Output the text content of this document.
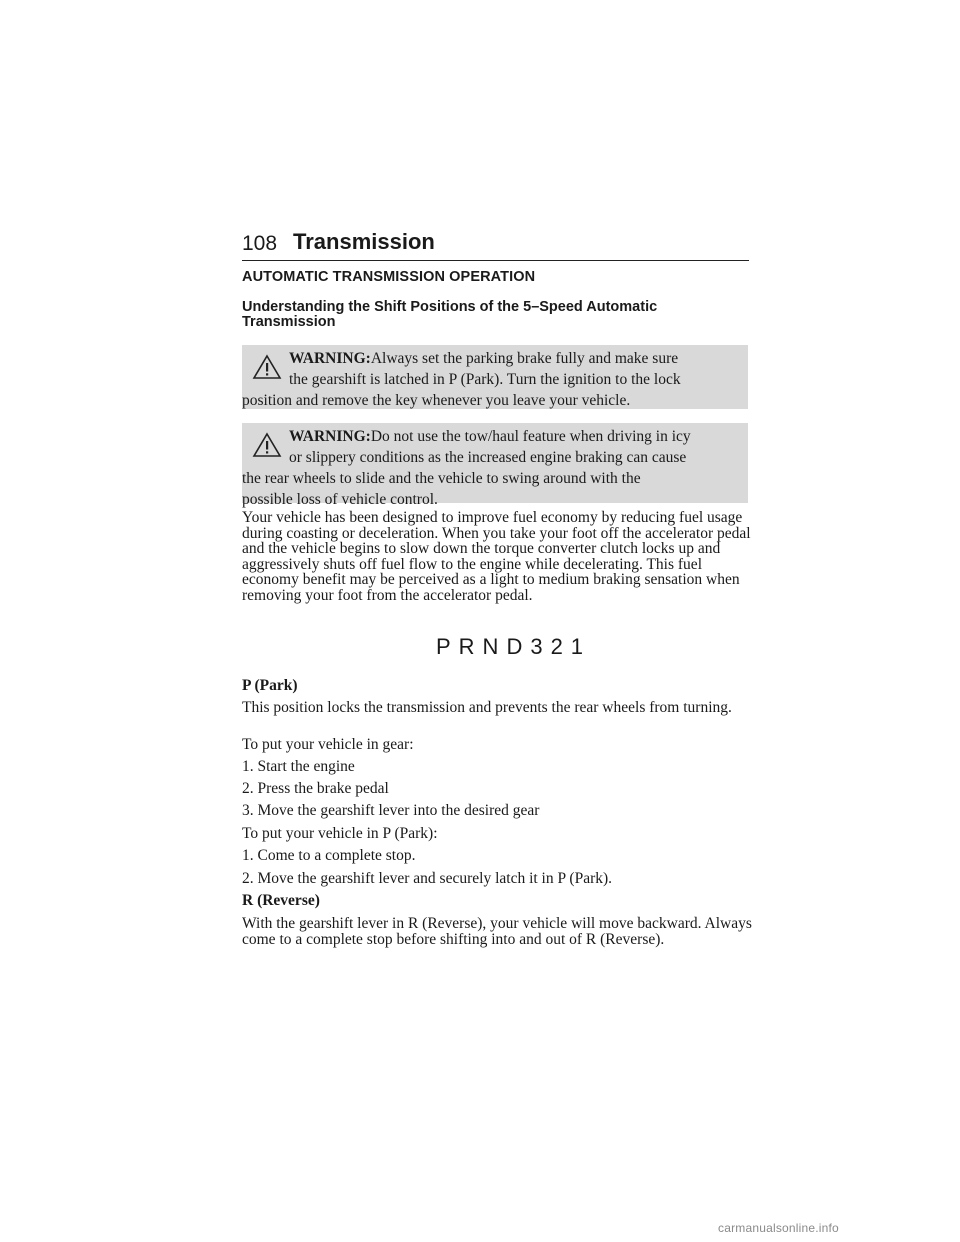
108 Transmission
AUTOMATIC TRANSMISSION OPERATION
Understanding the Shift Positions of the 5–Speed Automatic Transmission
WARNING:Always set the parking brake fully and make sure
the gearshift is latched in P (Park). Turn the ignition to the lock
position and remove the key whenever you leave your vehicle.
WARNING:Do not use the tow/haul feature when driving in icy
or slippery conditions as the increased engine braking can cause
the rear wheels to slide and the vehicle to swing around with the
possible loss of vehicle control.
Your vehicle has been designed to improve fuel economy by reducing fuel usage during coasting or deceleration. When you take your foot off the accelerator pedal and the vehicle begins to slow down the torque converter clutch locks up and aggressively shuts off fuel flow to the engine while decelerating. This fuel economy benefit may be perceived as a light to medium braking sensation when removing your foot from the accelerator pedal.
PRND321
P (Park)
This position locks the transmission and prevents the rear wheels from turning.
To put your vehicle in gear:
1. Start the engine
2. Press the brake pedal
3. Move the gearshift lever into the desired gear
To put your vehicle in P (Park):
1. Come to a complete stop.
2. Move the gearshift lever and securely latch it in P (Park).
R (Reverse)
With the gearshift lever in R (Reverse), your vehicle will move backward. Always come to a complete stop before shifting into and out of R (Reverse).
carmanualsonline.info
